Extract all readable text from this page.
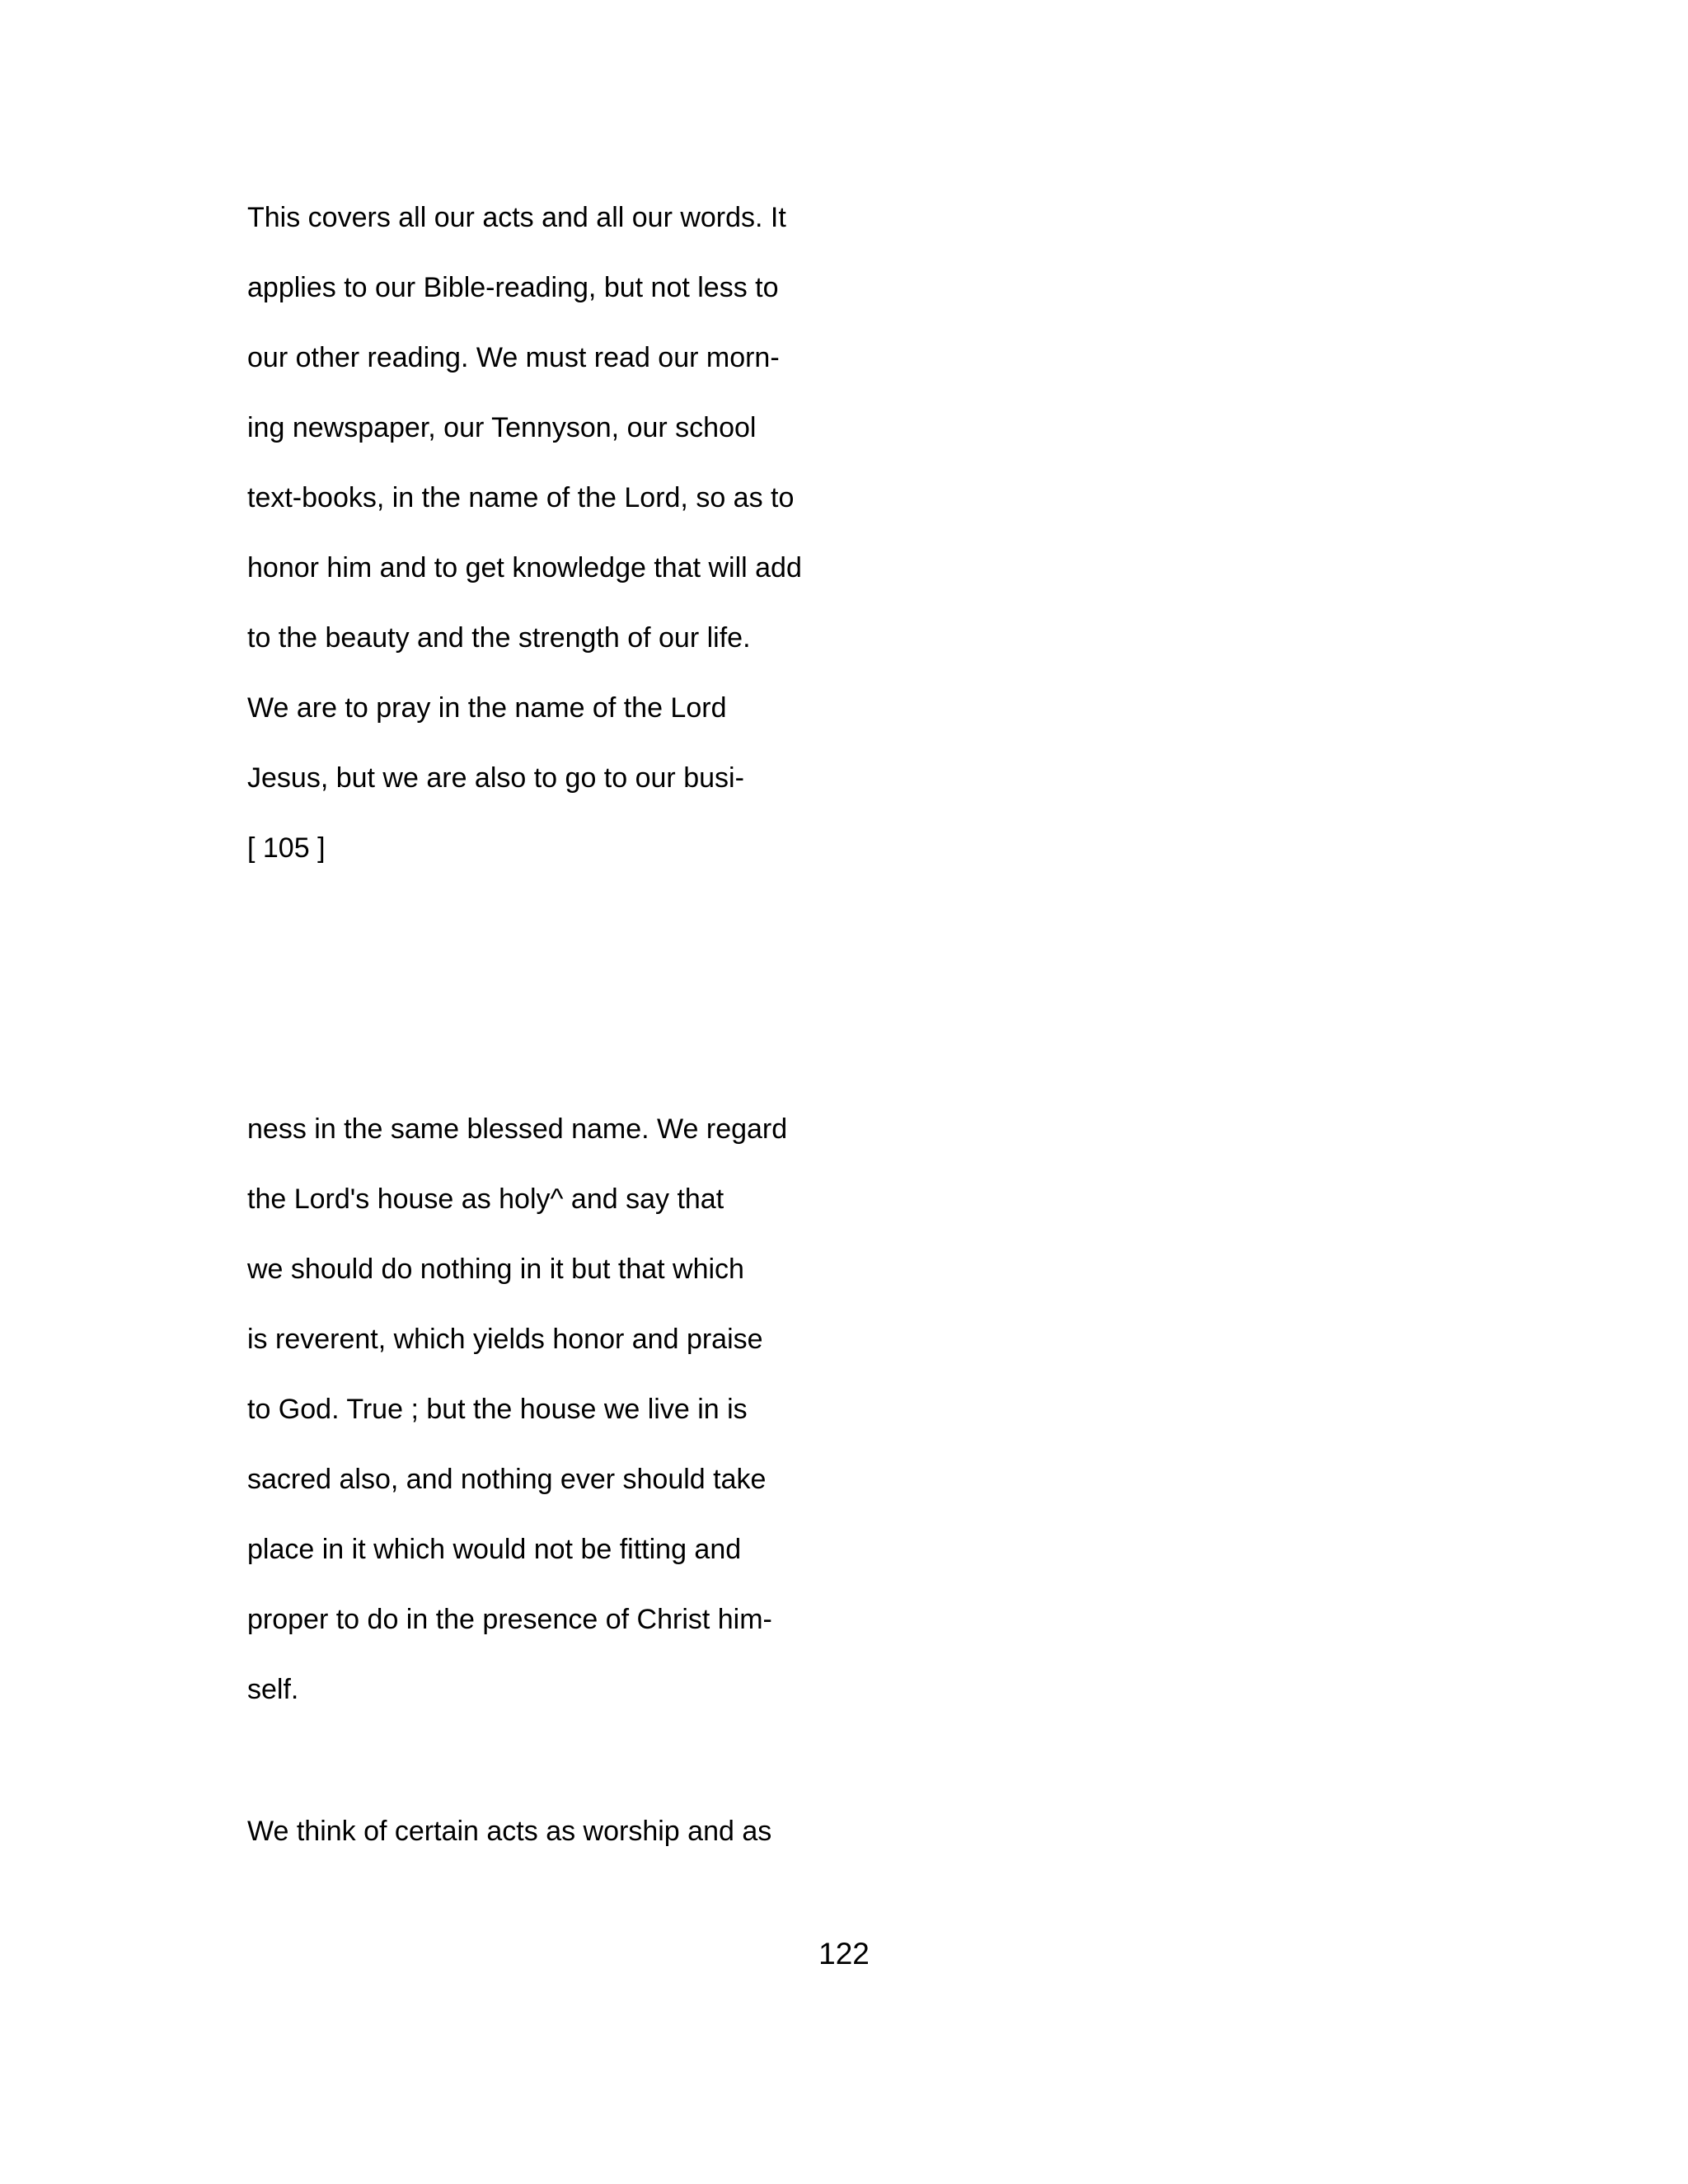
This covers all our acts and all our words. It
applies to our Bible-reading, but not less to
our other reading. We must read our morn-
ing newspaper, our Tennyson, our school
text-books, in the name of the Lord, so as to
honor him and to get knowledge that will add
to the beauty and the strength of our life.
We are to pray in the name of the Lord
Jesus, but we are also to go to our busi-
[ 105 ]
ness in the same blessed name. We regard
the Lord's house as holy^ and say that
we should do nothing in it but that which
is reverent, which yields honor and praise
to God. True ; but the house we live in is
sacred also, and nothing ever should take
place in it which would not be fitting and
proper to do in the presence of Christ him-
self.
We think of certain acts as worship and as
122
